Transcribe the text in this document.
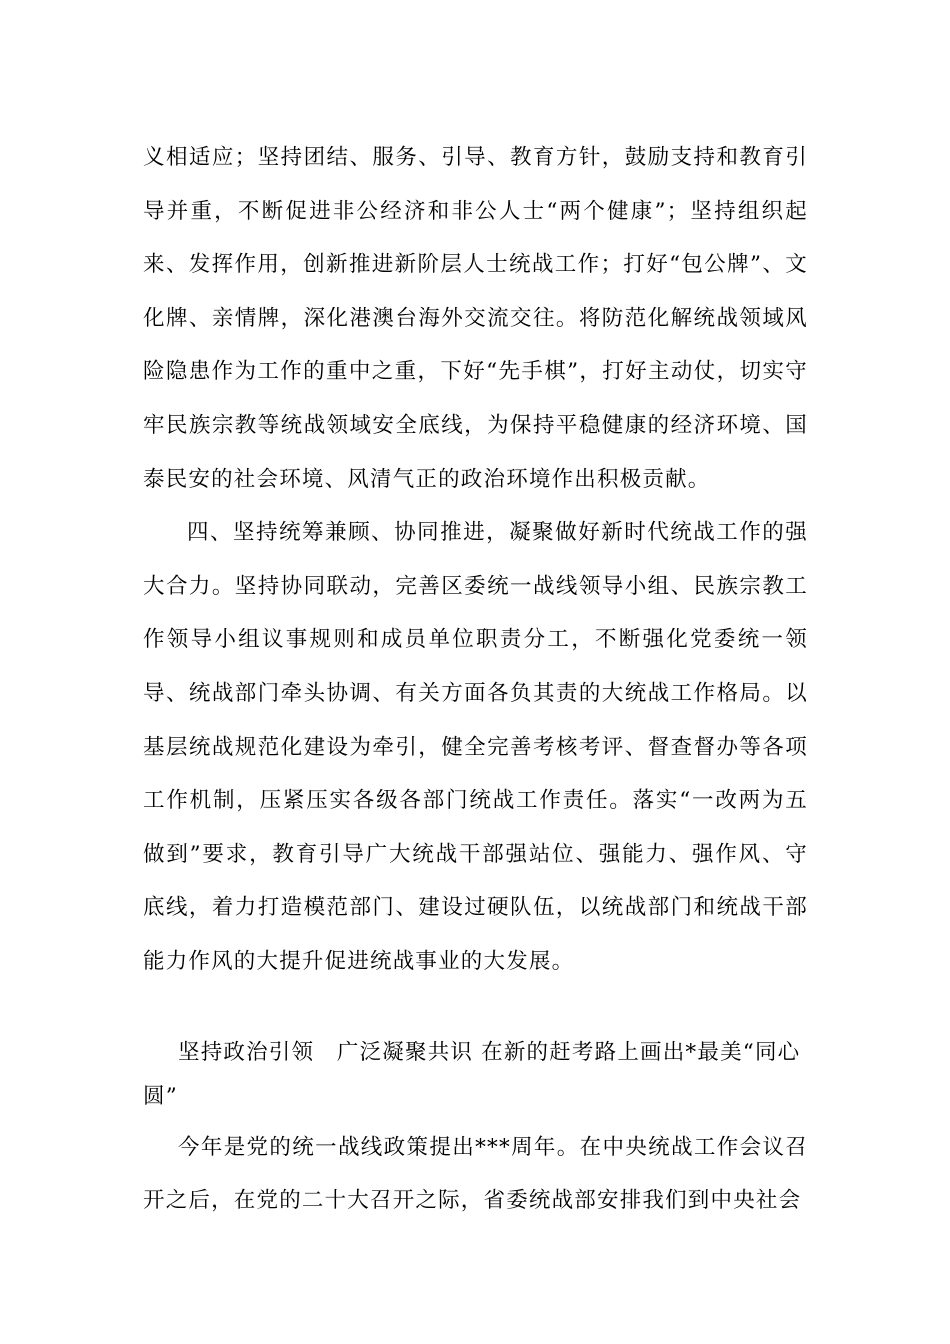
义相适应；坚持团结、服务、引导、教育方针，鼓励支持和教育引导并重，不断促进非公经济和非公人士“两个健康”；坚持组织起来、发挥作用，创新推进新阶层人士统战工作；打好“包公牌”、文化牌、亲情牌，深化港澳台海外交流交往。将防范化解统战领域风险隐患作为工作的重中之重，下好“先手棋”，打好主动仗，切实守牢民族宗教等统战领域安全底线，为保持平稳健康的经济环境、国泰民安的社会环境、风清气正的政治环境作出积极贡献。

四、坚持统筹兼顾、协同推进，凝聚做好新时代统战工作的强大合力。坚持协同联动，完善区委统一战线领导小组、民族宗教工作领导小组议事规则和成员单位职责分工，不断强化党委统一领导、统战部门牵头协调、有关方面各负其责的大统战工作格局。以基层统战规范化建设为牵引，健全完善考核考评、督查督办等各项工作机制，压紧压实各级各部门统战工作责任。落实“一改两为五做到”要求，教育引导广大统战干部强站位、强能力、强作风、守底线，着力打造模范部门、建设过硬队伍，以统战部门和统战干部能力作风的大提升促进统战事业的大发展。

坚持政治引领　广泛凝聚共识 在新的赶考路上画出*最美“同心圆”

今年是党的统一战线政策提出***周年。在中央统战工作会议召开之后，在党的二十大召开之际，省委统战部安排我们到中央社会
